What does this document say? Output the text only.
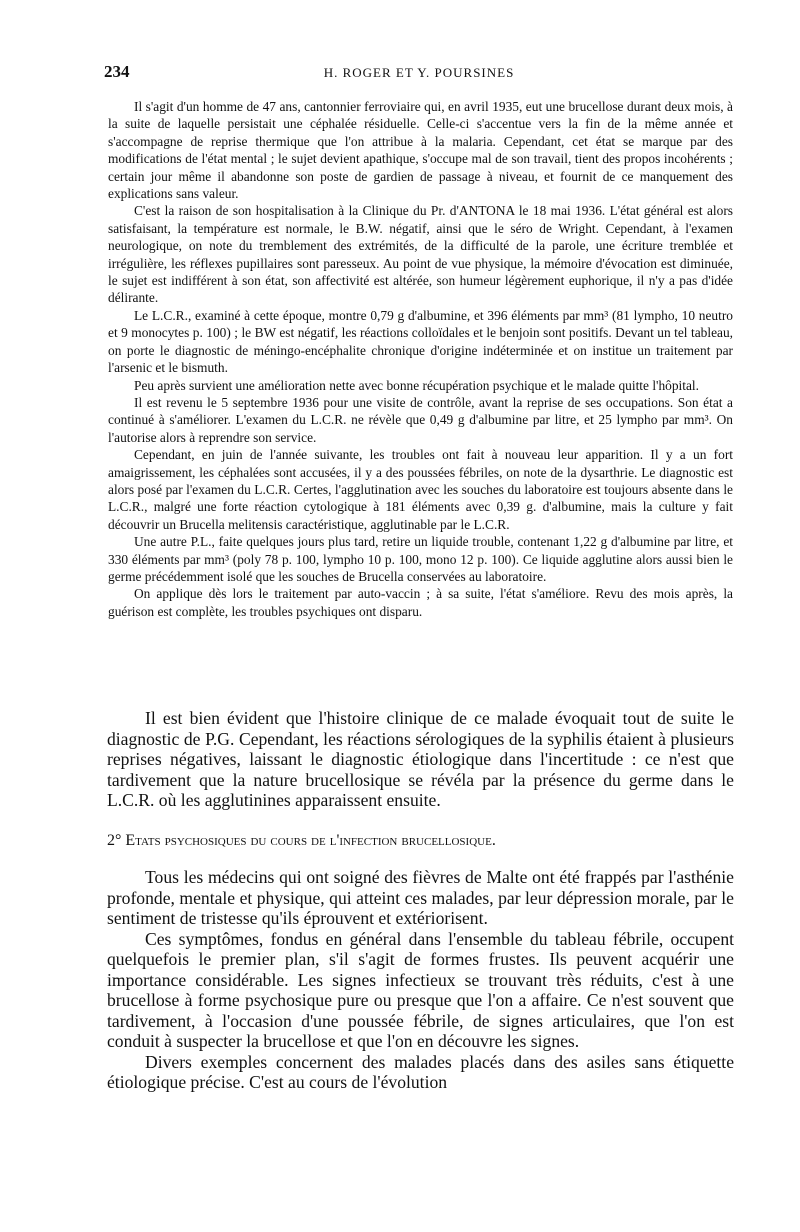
234	H. ROGER ET Y. POURSINES

Il s'agit d'un homme de 47 ans, cantonnier ferroviaire qui, en avril 1935, eut une brucellose durant deux mois, à la suite de laquelle persistait une céphalée résiduelle. Celle-ci s'accentue vers la fin de la même année et s'accompagne de reprise thermique que l'on attribue à la malaria. Cependant, cet état se marque par des modifications de l'état mental ; le sujet devient apathique, s'occupe mal de son travail, tient des propos incohérents ; certain jour même il abandonne son poste de gardien de passage à niveau, et fournit de ce manquement des explications sans valeur.

C'est la raison de son hospitalisation à la Clinique du Pr. d'ANTONA le 18 mai 1936. L'état général est alors satisfaisant, la température est normale, le B.W. négatif, ainsi que le séro de Wright. Cependant, à l'examen neurologique, on note du tremblement des extrémités, de la difficulté de la parole, une écriture tremblée et irrégulière, les réflexes pupillaires sont paresseux. Au point de vue physique, la mémoire d'évocation est diminuée, le sujet est indifférent à son état, son affectivité est altérée, son humeur légèrement euphorique, il n'y a pas d'idée délirante.

Le L.C.R., examiné à cette époque, montre 0,79 g d'albumine, et 396 éléments par mm³ (81 lympho, 10 neutro et 9 monocytes p. 100) ; le BW est négatif, les réactions colloïdales et le benjoin sont positifs. Devant un tel tableau, on porte le diagnostic de méningo-encéphalite chronique d'origine indéterminée et on institue un traitement par l'arsenic et le bismuth.

Peu après survient une amélioration nette avec bonne récupération psychique et le malade quitte l'hôpital.

Il est revenu le 5 septembre 1936 pour une visite de contrôle, avant la reprise de ses occupations. Son état a continué à s'améliorer. L'examen du L.C.R. ne révèle que 0,49 g d'albumine par litre, et 25 lympho par mm³. On l'autorise alors à reprendre son service.

Cependant, en juin de l'année suivante, les troubles ont fait à nouveau leur apparition. Il y a un fort amaigrissement, les céphalées sont accusées, il y a des poussées fébriles, on note de la dysarthrie. Le diagnostic est alors posé par l'examen du L.C.R. Certes, l'agglutination avec les souches du laboratoire est toujours absente dans le L.C.R., malgré une forte réaction cytologique à 181 éléments avec 0,39 g. d'albumine, mais la culture y fait découvrir un Brucella melitensis caractéristique, agglutinable par le L.C.R.

Une autre P.L., faite quelques jours plus tard, retire un liquide trouble, contenant 1,22 g d'albumine par litre, et 330 éléments par mm³ (poly 78 p. 100, lympho 10 p. 100, mono 12 p. 100). Ce liquide agglutine alors aussi bien le germe précédemment isolé que les souches de Brucella conservées au laboratoire.

On applique dès lors le traitement par auto-vaccin ; à sa suite, l'état s'améliore. Revu des mois après, la guérison est complète, les troubles psychiques ont disparu.

Il est bien évident que l'histoire clinique de ce malade évoquait tout de suite le diagnostic de P.G. Cependant, les réactions sérologiques de la syphilis étaient à plusieurs reprises négatives, laissant le diagnostic étiologique dans l'incertitude : ce n'est que tardivement que la nature brucellosique se révéla par la présence du germe dans le L.C.R. où les agglutinines apparaissent ensuite.

2° Etats psychosiques du cours de l'infection brucellosique.

Tous les médecins qui ont soigné des fièvres de Malte ont été frappés par l'asthénie profonde, mentale et physique, qui atteint ces malades, par leur dépression morale, par le sentiment de tristesse qu'ils éprouvent et extériorisent.

Ces symptômes, fondus en général dans l'ensemble du tableau fébrile, occupent quelquefois le premier plan, s'il s'agit de formes frustes. Ils peuvent acquérir une importance considérable. Les signes infectieux se trouvant très réduits, c'est à une brucellose à forme psychosique pure ou presque que l'on a affaire. Ce n'est souvent que tardivement, à l'occasion d'une poussée fébrile, de signes articulaires, que l'on est conduit à suspecter la brucellose et que l'on en découvre les signes.

Divers exemples concernent des malades placés dans des asiles sans étiquette étiologique précise. C'est au cours de l'évolution
